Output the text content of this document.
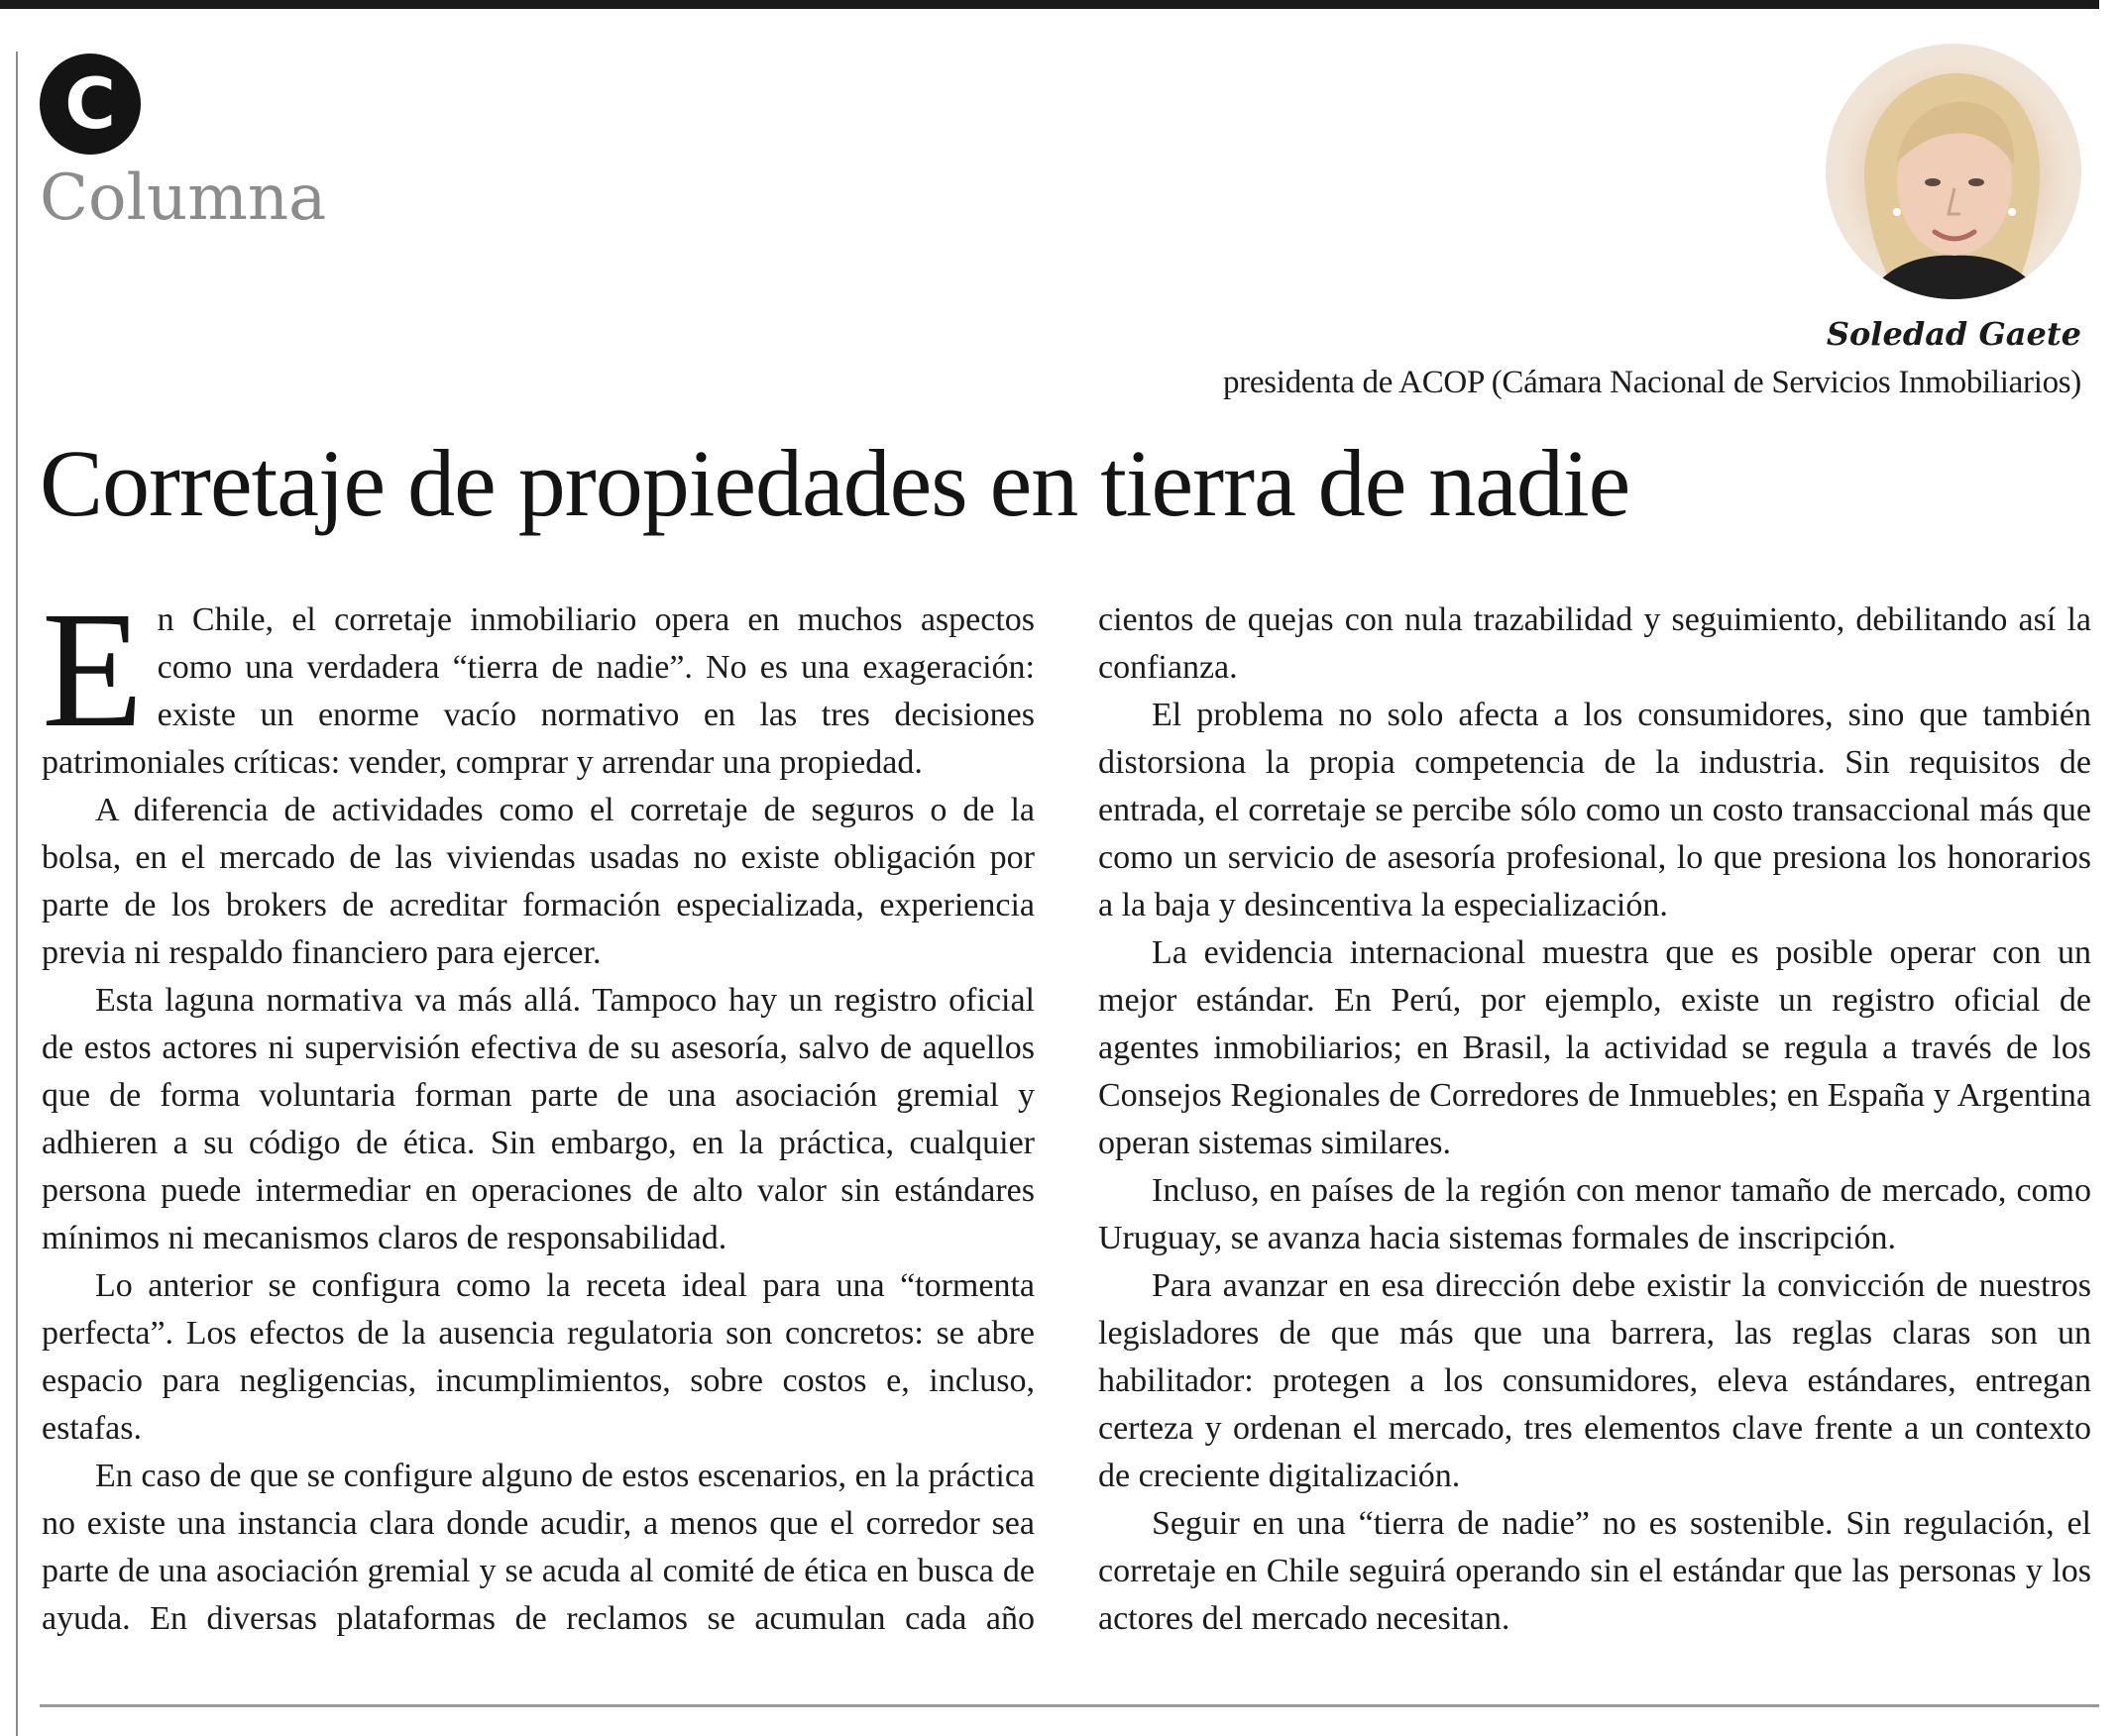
C
Columna
Soledad Gaete
presidenta de ACOP (Cámara Nacional de Servicios Inmobiliarios)
Corretaje de propiedades en tierra de nadie

En Chile, el corretaje inmobiliario opera en muchos aspectos como una verdadera “tierra de nadie”. No es una exageración: existe un enorme vacío normativo en las tres decisiones patrimoniales críticas: vender, comprar y arrendar una propiedad.

A diferencia de actividades como el corretaje de seguros o de la bolsa, en el mercado de las viviendas usadas no existe obligación por parte de los brokers de acreditar formación especializada, experiencia previa ni respaldo financiero para ejercer.

Esta laguna normativa va más allá. Tampoco hay un registro oficial de estos actores ni supervisión efectiva de su asesoría, salvo de aquellos que de forma voluntaria forman parte de una asociación gremial y adhieren a su código de ética. Sin embargo, en la práctica, cualquier persona puede intermediar en operaciones de alto valor sin estándares mínimos ni mecanismos claros de responsabilidad.

Lo anterior se configura como la receta ideal para una “tormenta perfecta”. Los efectos de la ausencia regulatoria son concretos: se abre espacio para negligencias, incumplimientos, sobre costos e, incluso, estafas.

En caso de que se configure alguno de estos escenarios, en la práctica no existe una instancia clara donde acudir, a menos que el corredor sea parte de una asociación gremial y se acuda al comité de ética en busca de ayuda. En diversas plataformas de reclamos se acumulan cada año cientos de quejas con nula trazabilidad y seguimiento, debilitando así la confianza.

El problema no solo afecta a los consumidores, sino que también distorsiona la propia competencia de la industria. Sin requisitos de entrada, el corretaje se percibe sólo como un costo transaccional más que como un servicio de asesoría profesional, lo que presiona los honorarios a la baja y desincentiva la especialización.

La evidencia internacional muestra que es posible operar con un mejor estándar. En Perú, por ejemplo, existe un registro oficial de agentes inmobiliarios; en Brasil, la actividad se regula a través de los Consejos Regionales de Corredores de Inmuebles; en España y Argentina operan sistemas similares.

Incluso, en países de la región con menor tamaño de mercado, como Uruguay, se avanza hacia sistemas formales de inscripción.

Para avanzar en esa dirección debe existir la convicción de nuestros legisladores de que más que una barrera, las reglas claras son un habilitador: protegen a los consumidores, eleva estándares, entregan certeza y ordenan el mercado, tres elementos clave frente a un contexto de creciente digitalización.

Seguir en una “tierra de nadie” no es sostenible. Sin regulación, el corretaje en Chile seguirá operando sin el estándar que las personas y los actores del mercado necesitan.
